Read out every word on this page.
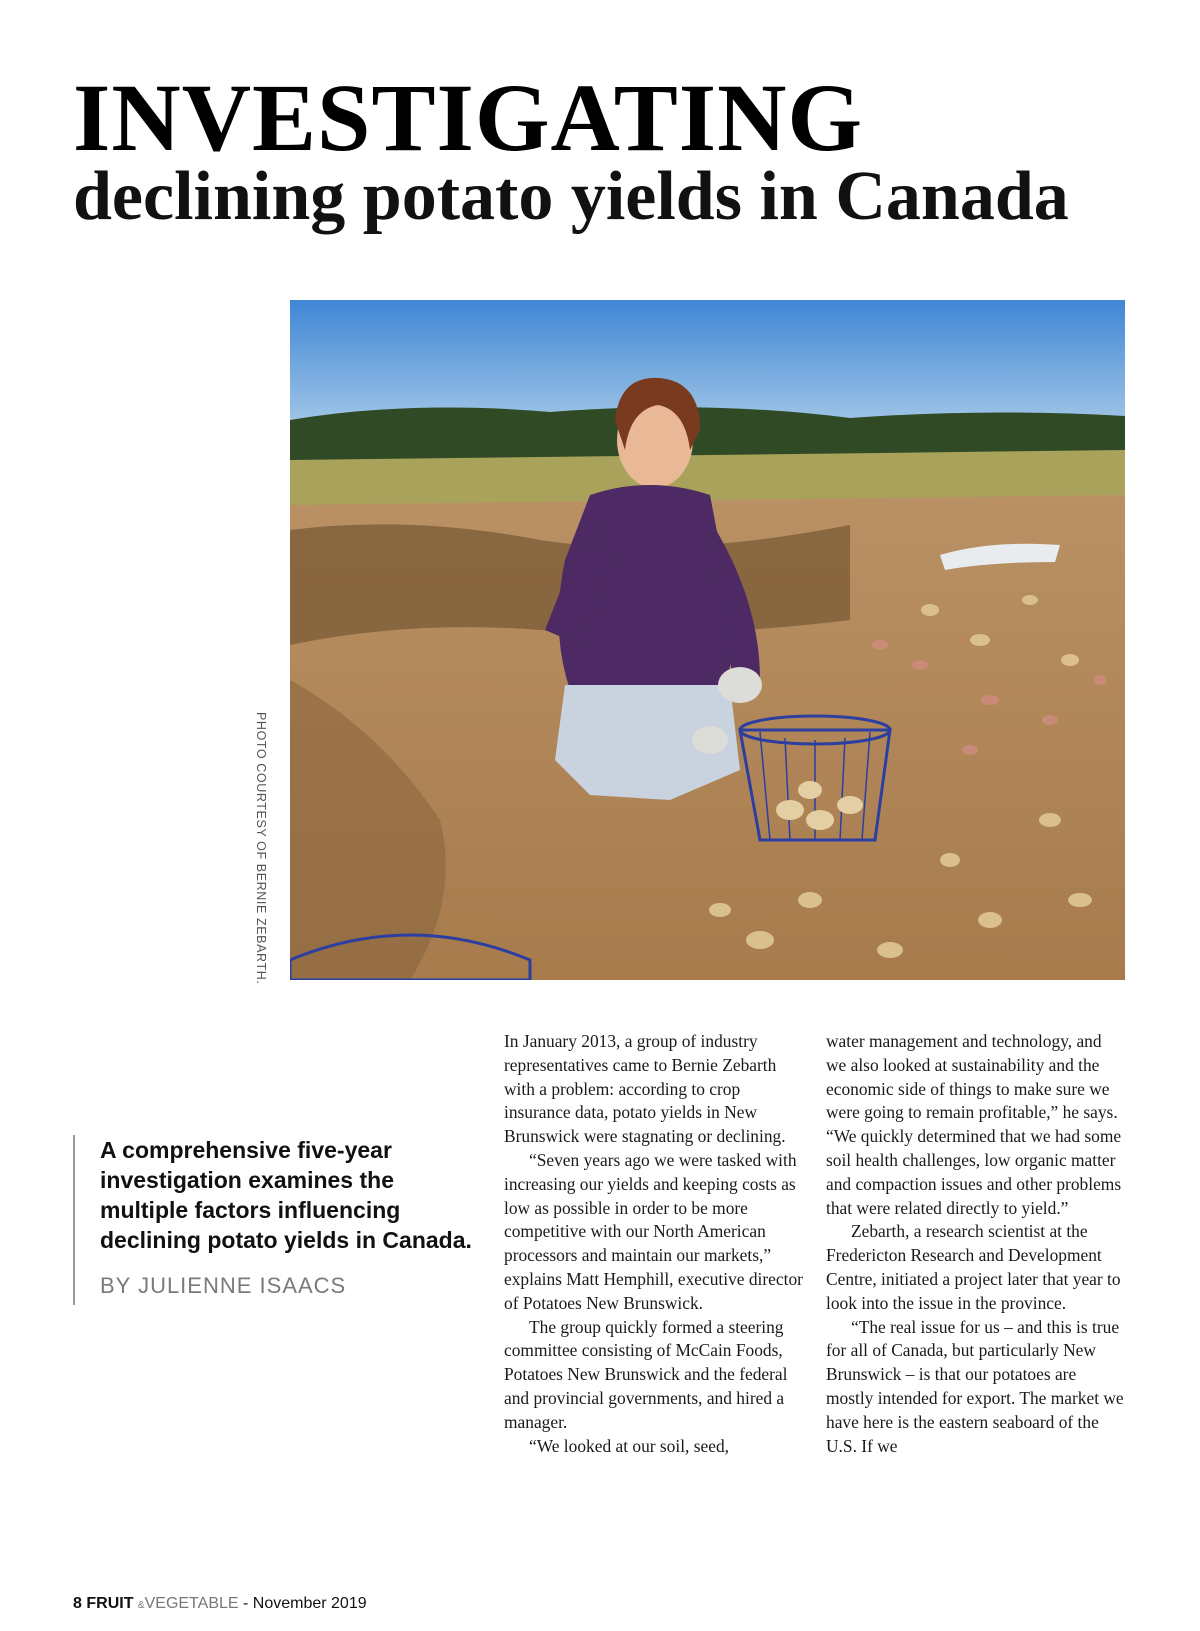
INVESTIGATING
declining potato yields in Canada
PHOTO COURTESY OF BERNIE ZEBARTH.

A comprehensive five-year investigation examines the multiple factors influencing declining potato yields in Canada.

BY JULIENNE ISAACS

In January 2013, a group of industry representatives came to Bernie Zebarth with a problem: according to crop insurance data, potato yields in New Brunswick were stagnating or declining.

“Seven years ago we were tasked with increasing our yields and keeping costs as low as possible in order to be more competitive with our North American processors and maintain our markets,” explains Matt Hemphill, executive director of Potatoes New Brunswick.

The group quickly formed a steering committee consisting of McCain Foods, Potatoes New Brunswick and the federal and provincial governments, and hired a manager.

“We looked at our soil, seed,

water management and technology, and we also looked at sustainability and the economic side of things to make sure we were going to remain profitable,” he says. “We quickly determined that we had some soil health challenges, low organic matter and compaction issues and other problems that were related directly to yield.”

Zebarth, a research scientist at the Fredericton Research and Development Centre, initiated a project later that year to look into the issue in the province.

“The real issue for us – and this is true for all of Canada, but particularly New Brunswick – is that our potatoes are mostly intended for export. The market we have here is the eastern seaboard of the U.S. If we

8 FRUIT &VEGETABLE - November 2019
